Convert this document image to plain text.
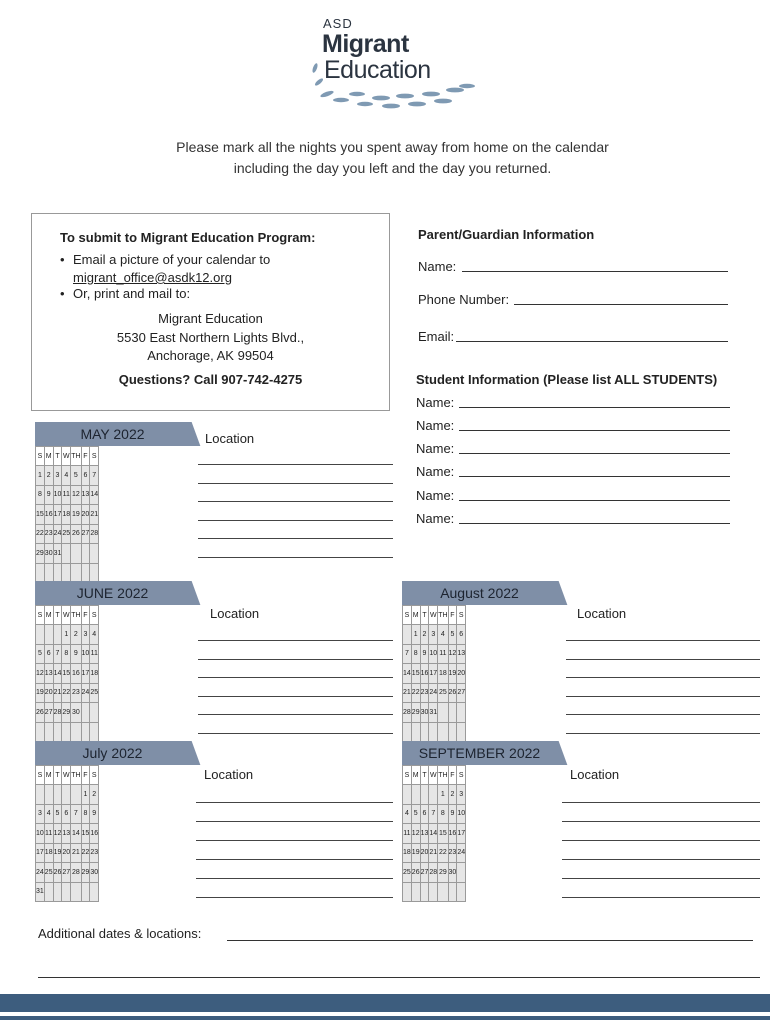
ASD
Migrant
Education
Please mark all the nights you spent away from home on the calendar
including the day you left and the day you returned.
To submit to Migrant Education Program:
• Email a picture of your calendar to
migrant_office@asdk12.org
• Or, print and mail to:
Migrant Education
5530 East Northern Lights Blvd.,
Anchorage, AK 99504
Questions? Call 907-742-4275
Parent/Guardian Information
Name:
Phone Number:
Email:
Student Information (Please list ALL STUDENTS)
Name:
Name:
Name:
Name:
Name:
Name:
MAY 2022
S	M	T	W	TH	F	S
1	2	3	4	5	6	7
8	9	10	11	12	13	14
15	16	17	18	19	20	21
22	23	24	25	26	27	28
29	30	31				

Location
JUNE 2022
S	M	T	W	TH	F	S
			1	2	3	4
5	6	7	8	9	10	11
12	13	14	15	16	17	18
19	20	21	22	23	24	25
26	27	28	29	30		

Location
July 2022
S	M	T	W	TH	F	S
					1	2
3	4	5	6	7	8	9
10	11	12	13	14	15	16
17	18	19	20	21	22	23
24	25	26	27	28	29	30
31						
Location
August 2022
S	M	T	W	TH	F	S
	1	2	3	4	5	6
7	8	9	10	11	12	13
14	15	16	17	18	19	20
21	22	23	24	25	26	27
28	29	30	31			

Location
SEPTEMBER 2022
S	M	T	W	TH	F	S
				1	2	3
4	5	6	7	8	9	10
11	12	13	14	15	16	17
18	19	20	21	22	23	24
25	26	27	28	29	30	

Location
Additional dates & locations:
